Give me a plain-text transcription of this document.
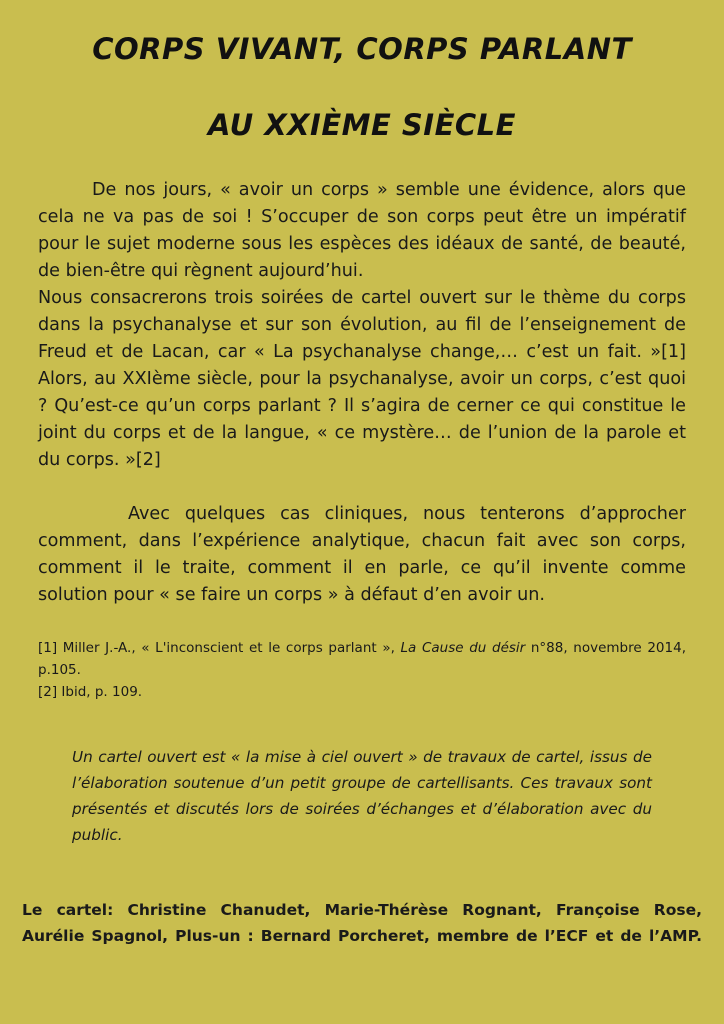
CORPS VIVANT, CORPS PARLANT
AU XXIÈME SIÈCLE
De nos jours, « avoir un corps » semble une évidence, alors que cela ne va pas de soi ! S’occuper de son corps peut être un impératif pour le sujet moderne sous les espèces des idéaux de santé, de beauté, de bien-être qui règnent aujourd’hui.
Nous consacrerons trois soirées de cartel ouvert sur le thème du corps dans la psychanalyse et sur son évolution, au fil de l’enseignement de Freud et de Lacan, car « La psychanalyse change,… c’est un fait. »[1] Alors, au XXIème siècle, pour la psychanalyse, avoir un corps, c’est quoi ? Qu’est-ce qu’un corps parlant ? Il s’agira de cerner ce qui constitue le joint du corps et de la langue, « ce mystère… de l’union de la parole et du corps. »[2]

Avec quelques cas cliniques, nous tenterons d’approcher comment, dans l’expérience analytique, chacun fait avec son corps, comment il le traite, comment il en parle, ce qu’il invente comme solution pour « se faire un corps » à défaut d’en avoir un.

[1] Miller J.-A., « L'inconscient et le corps parlant », La Cause du désir n°88, novembre 2014, p.105.
[2] Ibid, p. 109.

Un cartel ouvert est « la mise à ciel ouvert » de travaux de cartel, issus de l’élaboration soutenue d’un petit groupe de cartellisants. Ces travaux sont présentés et discutés lors de soirées d’échanges et d’élaboration avec du public.

Le cartel: Christine Chanudet, Marie-Thérèse Rognant, Françoise Rose,
Aurélie Spagnol, Plus-un : Bernard Porcheret, membre de l’ECF et de l’AMP.
